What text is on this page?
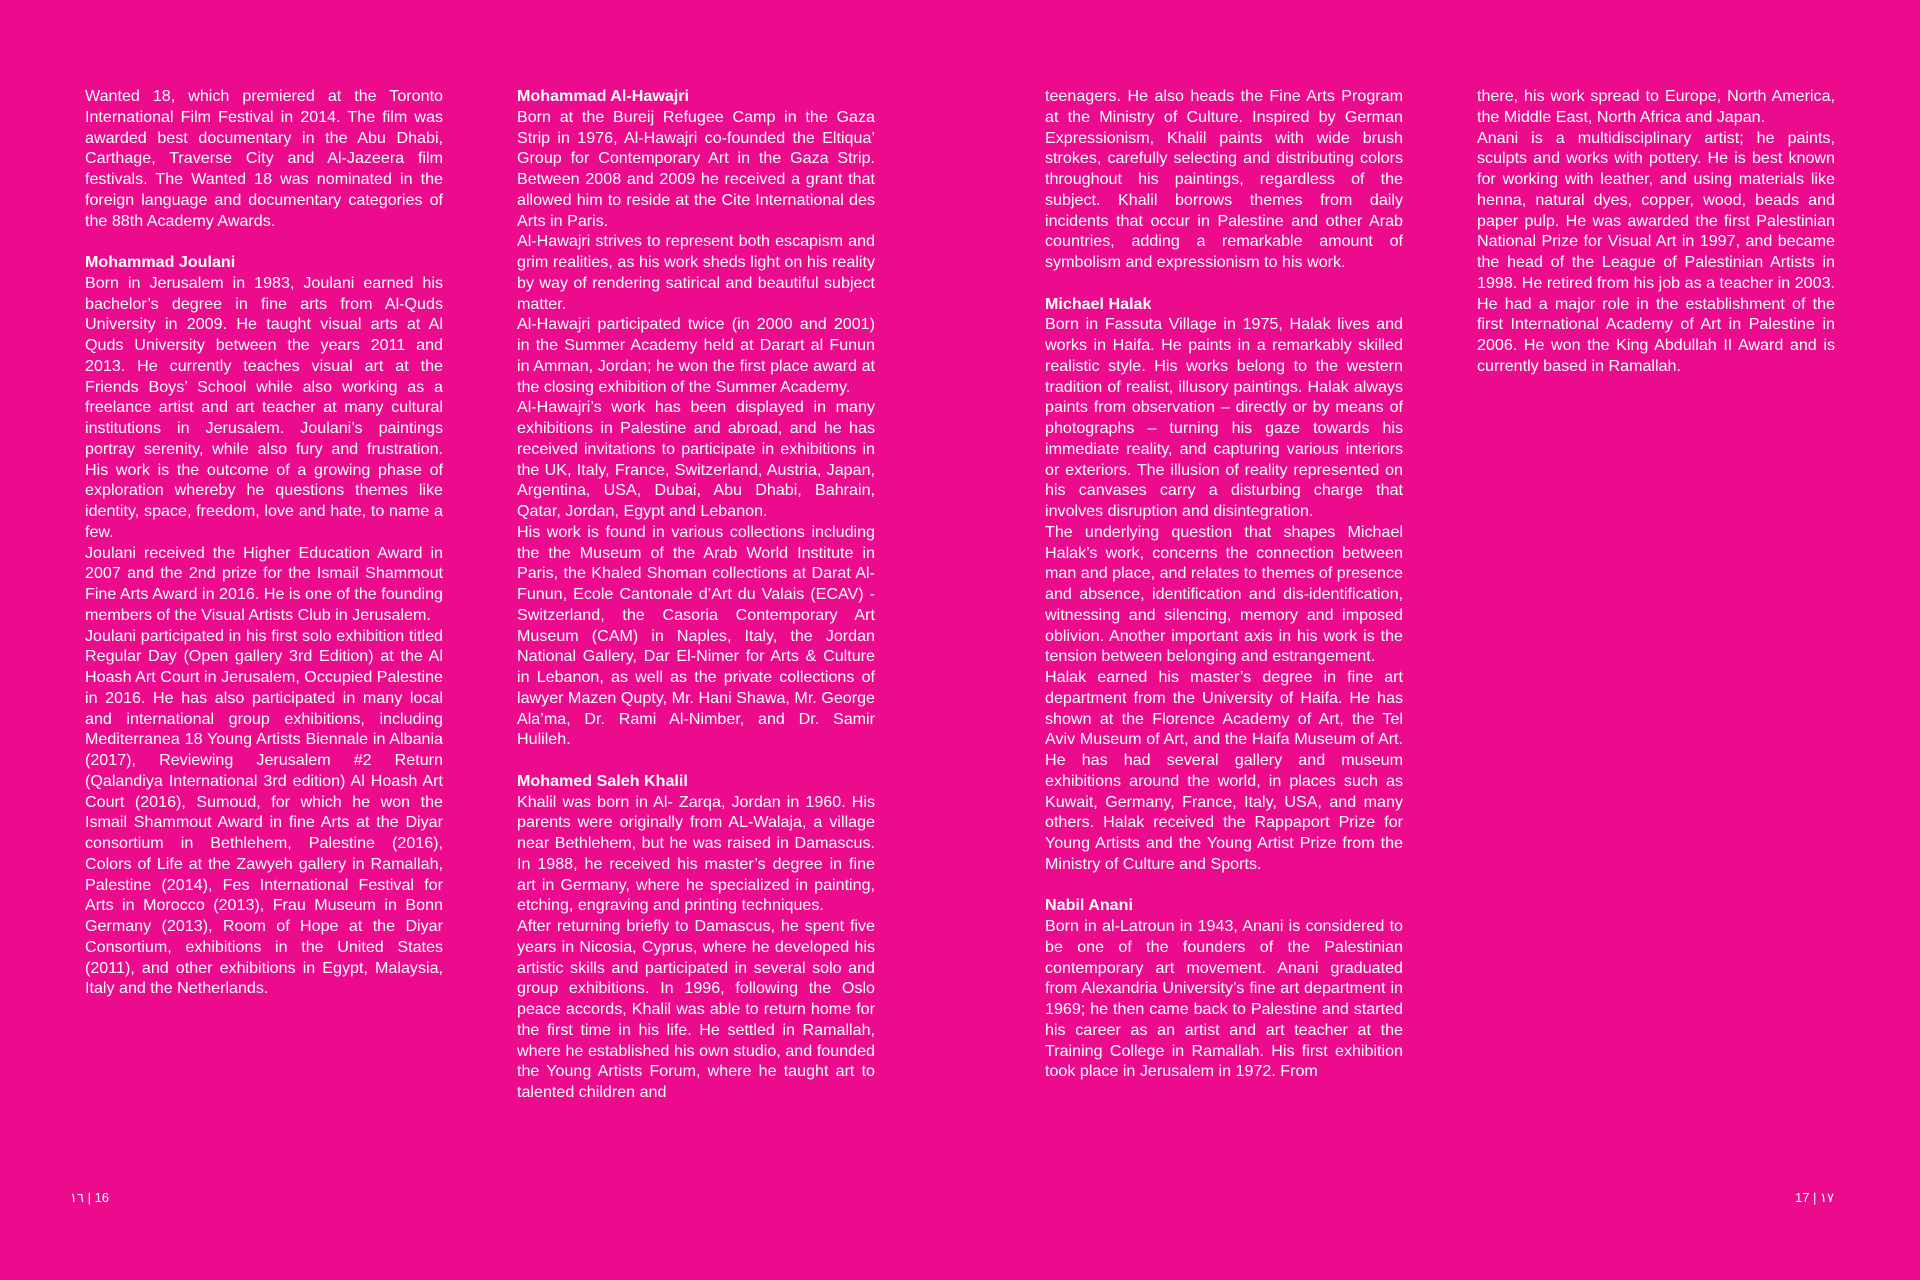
Wanted 18, which premiered at the Toronto International Film Festival in 2014. The film was awarded best documentary in the Abu Dhabi, Carthage, Traverse City and Al-Jazeera film festivals. The Wanted 18 was nominated in the foreign language and documentary categories of the 88th Academy Awards.

Mohammad Joulani

Born in Jerusalem in 1983, Joulani earned his bachelor’s degree in fine arts from Al-Quds University in 2009. He taught visual arts at Al Quds University between the years 2011 and 2013. He currently teaches visual art at the Friends Boys’ School while also working as a freelance artist and art teacher at many cultural institutions in Jerusalem. Joulani’s paintings portray serenity, while also fury and frustration. His work is the outcome of a growing phase of exploration whereby he questions themes like identity, space, freedom, love and hate, to name a few.

Joulani received the Higher Education Award in 2007 and the 2nd prize for the Ismail Shammout Fine Arts Award in 2016. He is one of the founding members of the Visual Artists Club in Jerusalem.

Joulani participated in his first solo exhibition titled Regular Day (Open gallery 3rd Edition) at the Al Hoash Art Court in Jerusalem, Occupied Palestine in 2016. He has also participated in many local and international group exhibitions, including Mediterranea 18 Young Artists Biennale in Albania (2017), Reviewing Jerusalem #2 Return (Qalandiya International 3rd edition) Al Hoash Art Court (2016), Sumoud, for which he won the Ismail Shammout Award in fine Arts at the Diyar consortium in Bethlehem, Palestine (2016), Colors of Life at the Zawyeh gallery in Ramallah, Palestine (2014), Fes International Festival for Arts in Morocco (2013), Frau Museum in Bonn Germany (2013), Room of Hope at the Diyar Consortium, exhibitions in the United States (2011), and other exhibitions in Egypt, Malaysia, Italy and the Netherlands.

Mohammad Al-Hawajri

Born at the Bureij Refugee Camp in the Gaza Strip in 1976, Al-Hawajri co-founded the Eltiqua’ Group for Contemporary Art in the Gaza Strip. Between 2008 and 2009 he received a grant that allowed him to reside at the Cite International des Arts in Paris.

Al-Hawajri strives to represent both escapism and grim realities, as his work sheds light on his reality by way of rendering satirical and beautiful subject matter.

Al-Hawajri participated twice (in 2000 and 2001) in the Summer Academy held at Darart al Funun in Amman, Jordan; he won the first place award at the closing exhibition of the Summer Academy.

Al-Hawajri’s work has been displayed in many exhibitions in Palestine and abroad, and he has received invitations to participate in exhibitions in the UK, Italy, France, Switzerland, Austria, Japan, Argentina, USA, Dubai, Abu Dhabi, Bahrain, Qatar, Jordan, Egypt and Lebanon.

His work is found in various collections including the the Museum of the Arab World Institute in Paris, the Khaled Shoman collections at Darat Al-Funun, Ecole Cantonale d’Art du Valais (ECAV) - Switzerland, the Casoria Contemporary Art Museum (CAM) in Naples, Italy, the Jordan National Gallery, Dar El-Nimer for Arts & Culture in Lebanon, as well as the private collections of lawyer Mazen Qupty, Mr. Hani Shawa, Mr. George Ala’ma, Dr. Rami Al-Nimber, and Dr. Samir Hulileh.

Mohamed Saleh Khalil

Khalil was born in Al- Zarqa, Jordan in 1960. His parents were originally from AL-Walaja, a village near Bethlehem, but he was raised in Damascus. In 1988, he received his master’s degree in fine art in Germany, where he specialized in painting, etching, engraving and printing techniques.

After returning briefly to Damascus, he spent five years in Nicosia, Cyprus, where he developed his artistic skills and participated in several solo and group exhibitions. In 1996, following the Oslo peace accords, Khalil was able to return home for the first time in his life. He settled in Ramallah, where he established his own studio, and founded the Young Artists Forum, where he taught art to talented children and

teenagers. He also heads the Fine Arts Program at the Ministry of Culture. Inspired by German Expressionism, Khalil paints with wide brush strokes, carefully selecting and distributing colors throughout his paintings, regardless of the subject. Khalil borrows themes from daily incidents that occur in Palestine and other Arab countries, adding a remarkable amount of symbolism and expressionism to his work.

Michael Halak

Born in Fassuta Village in 1975, Halak lives and works in Haifa. He paints in a remarkably skilled realistic style. His works belong to the western tradition of realist, illusory paintings. Halak always paints from observation – directly or by means of photographs – turning his gaze towards his immediate reality, and capturing various interiors or exteriors. The illusion of reality represented on his canvases carry a disturbing charge that involves disruption and disintegration.

The underlying question that shapes Michael Halak’s work, concerns the connection between man and place, and relates to themes of presence and absence, identification and dis-identification, witnessing and silencing, memory and imposed oblivion. Another important axis in his work is the tension between belonging and estrangement.

Halak earned his master’s degree in fine art department from the University of Haifa. He has shown at the Florence Academy of Art, the Tel Aviv Museum of Art, and the Haifa Museum of Art. He has had several gallery and museum exhibitions around the world, in places such as Kuwait, Germany, France, Italy, USA, and many others. Halak received the Rappaport Prize for Young Artists and the Young Artist Prize from the Ministry of Culture and Sports.

Nabil Anani

Born in al-Latroun in 1943, Anani is considered to be one of the founders of the Palestinian contemporary art movement. Anani graduated from Alexandria University’s fine art department in 1969; he then came back to Palestine and started his career as an artist and art teacher at the Training College in Ramallah. His first exhibition took place in Jerusalem in 1972. From

there, his work spread to Europe, North America, the Middle East, North Africa and Japan.

Anani is a multidisciplinary artist; he paints, sculpts and works with pottery. He is best known for working with leather, and using materials like henna, natural dyes, copper, wood, beads and paper pulp. He was awarded the first Palestinian National Prize for Visual Art in 1997, and became the head of the League of Palestinian Artists in 1998. He retired from his job as a teacher in 2003. He had a major role in the establishment of the first International Academy of Art in Palestine in 2006. He won the King Abdullah II Award and is currently based in Ramallah.

١٦ | 16	17 | ١٧
